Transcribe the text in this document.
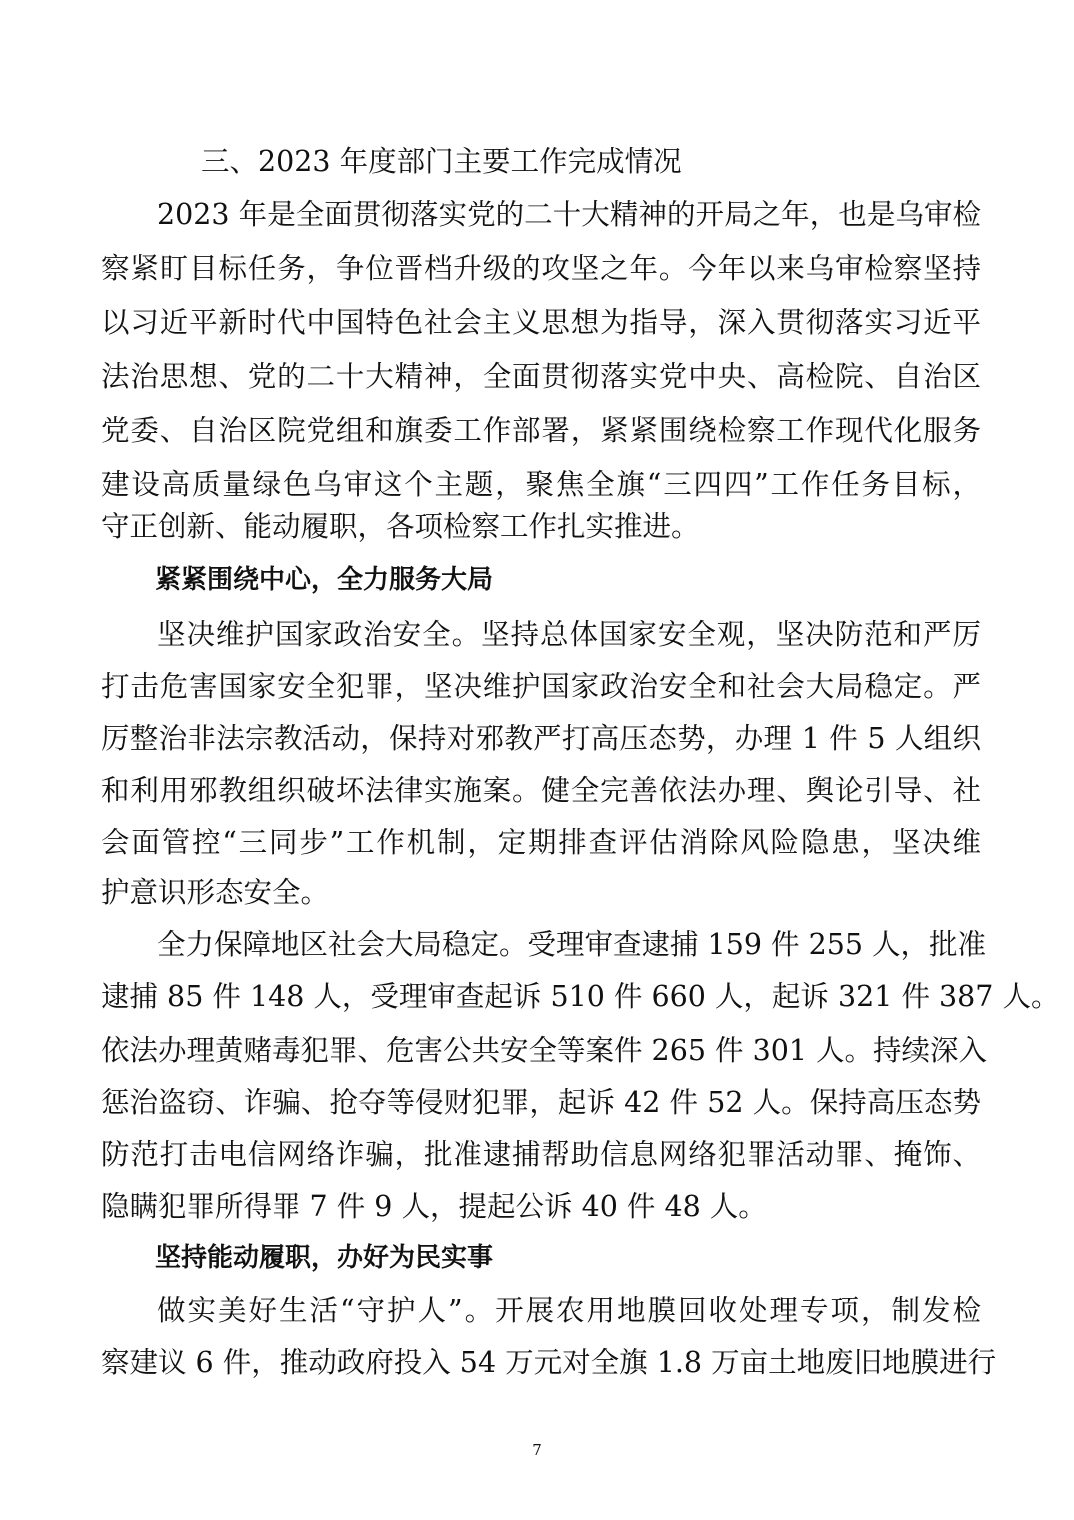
三、2023 年度部门主要工作完成情况
2023 年是全面贯彻落实党的二十大精神的开局之年，也是乌审检
察紧盯目标任务，争位晋档升级的攻坚之年。今年以来乌审检察坚持
以习近平新时代中国特色社会主义思想为指导，深入贯彻落实习近平
法治思想、党的二十大精神，全面贯彻落实党中央、高检院、自治区
党委、自治区院党组和旗委工作部署，紧紧围绕检察工作现代化服务
建设高质量绿色乌审这个主题，聚焦全旗“三四四”工作任务目标，
守正创新、能动履职，各项检察工作扎实推进。
紧紧围绕中心，全力服务大局
坚决维护国家政治安全。坚持总体国家安全观，坚决防范和严厉
打击危害国家安全犯罪，坚决维护国家政治安全和社会大局稳定。严
厉整治非法宗教活动，保持对邪教严打高压态势，办理 1 件 5 人组织
和利用邪教组织破坏法律实施案。健全完善依法办理、舆论引导、社
会面管控“三同步”工作机制，定期排查评估消除风险隐患，坚决维
护意识形态安全。
全力保障地区社会大局稳定。受理审查逮捕 159 件 255 人，批准
逮捕 85 件 148 人，受理审查起诉 510 件 660 人，起诉 321 件 387 人。
依法办理黄赌毒犯罪、危害公共安全等案件 265 件 301 人。持续深入
惩治盗窃、诈骗、抢夺等侵财犯罪，起诉 42 件 52 人。保持高压态势
防范打击电信网络诈骗，批准逮捕帮助信息网络犯罪活动罪、掩饰、
隐瞒犯罪所得罪 7 件 9 人，提起公诉 40 件 48 人。
坚持能动履职，办好为民实事
做实美好生活“守护人”。开展农用地膜回收处理专项，制发检
察建议 6 件，推动政府投入 54 万元对全旗 1.8 万亩土地废旧地膜进行
7
